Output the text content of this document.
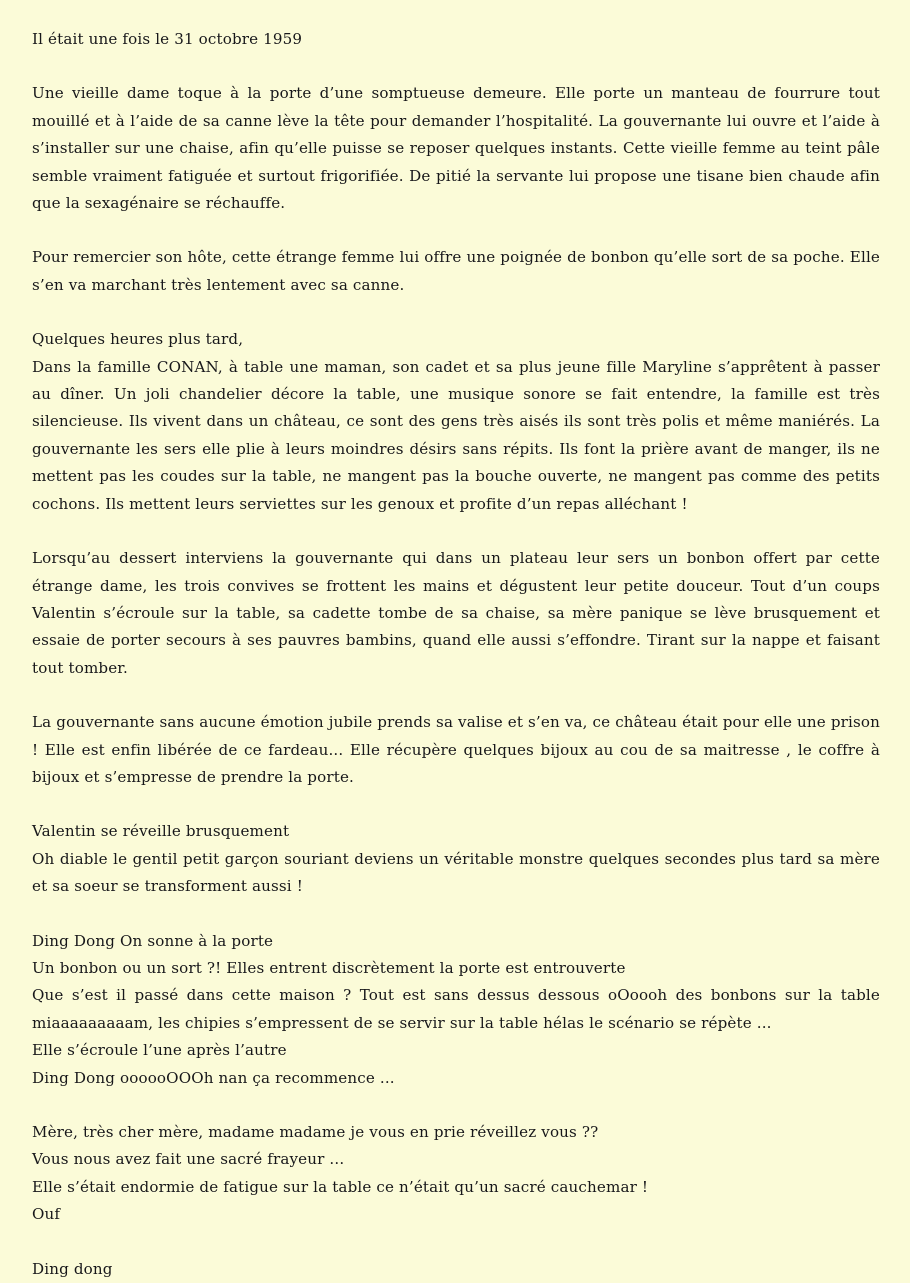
Il était une fois le 31 octobre 1959

Une vieille dame toque à la porte d’une somptueuse demeure. Elle porte un manteau de fourrure tout mouillé et à l’aide de sa canne lève la tête pour demander l’hospitalité. La gouvernante lui ouvre et l’aide à s’installer sur une chaise, afin qu’elle puisse se reposer quelques instants. Cette vieille femme au teint pâle semble vraiment fatiguée et surtout frigorifiée. De pitié la servante lui propose une tisane bien chaude afin que la sexagénaire se réchauffe.

Pour remercier son hôte, cette étrange femme lui offre une poignée de bonbon qu’elle sort de sa poche. Elle s’en va marchant très lentement avec sa canne.

Quelques heures plus tard,

Dans la famille CONAN, à table une maman, son cadet et sa plus jeune fille Maryline s’apprêtent à passer au dîner. Un joli chandelier décore la table, une musique sonore se fait entendre, la famille est très silencieuse. Ils vivent dans un château, ce sont des gens très aisés ils sont très polis et même maniérés. La gouvernante les sers elle plie à leurs moindres désirs sans répits. Ils font la prière avant de manger, ils ne mettent pas les coudes sur la table, ne mangent pas la bouche ouverte, ne mangent pas comme des petits cochons. Ils mettent leurs serviettes sur les genoux et profite d’un repas alléchant !

Lorsqu’au dessert interviens la gouvernante qui dans un plateau leur sers un bonbon offert par cette étrange dame, les trois convives se frottent les mains et dégustent leur petite douceur. Tout d’un coups Valentin s’écroule sur la table, sa cadette tombe de sa chaise, sa mère panique se lève brusquement et essaie de porter secours à ses pauvres bambins, quand elle aussi s’effondre. Tirant sur la nappe et faisant tout tomber.

La gouvernante sans aucune émotion jubile prends sa valise et s’en va, ce château était pour elle une prison ! Elle est enfin libérée de ce fardeau... Elle récupère quelques bijoux au cou de sa maitresse , le coffre à bijoux et s’empresse de prendre la porte.

Valentin se réveille brusquement

Oh diable le gentil petit garçon souriant deviens un véritable monstre quelques secondes plus tard sa mère et sa soeur se transforment aussi !

Ding Dong On sonne à la porte

Un bonbon ou un sort ?! Elles entrent discrètement la porte est entrouverte

Que s’est il passé dans cette maison ? Tout est sans dessus dessous oOoooh des bonbons sur la table miaaaaaaaaam, les chipies s’empressent de se servir sur la table hélas le scénario se répète ...

Elle s’écroule l’une après l’autre

Ding Dong oooooOOOh nan ça recommence ...

Mère, très cher mère, madame madame je vous en prie réveillez vous ??

Vous nous avez fait une sacré frayeur ...

Elle s’était endormie de fatigue sur la table ce n’était qu’un sacré cauchemar !

Ouf

Ding dong
